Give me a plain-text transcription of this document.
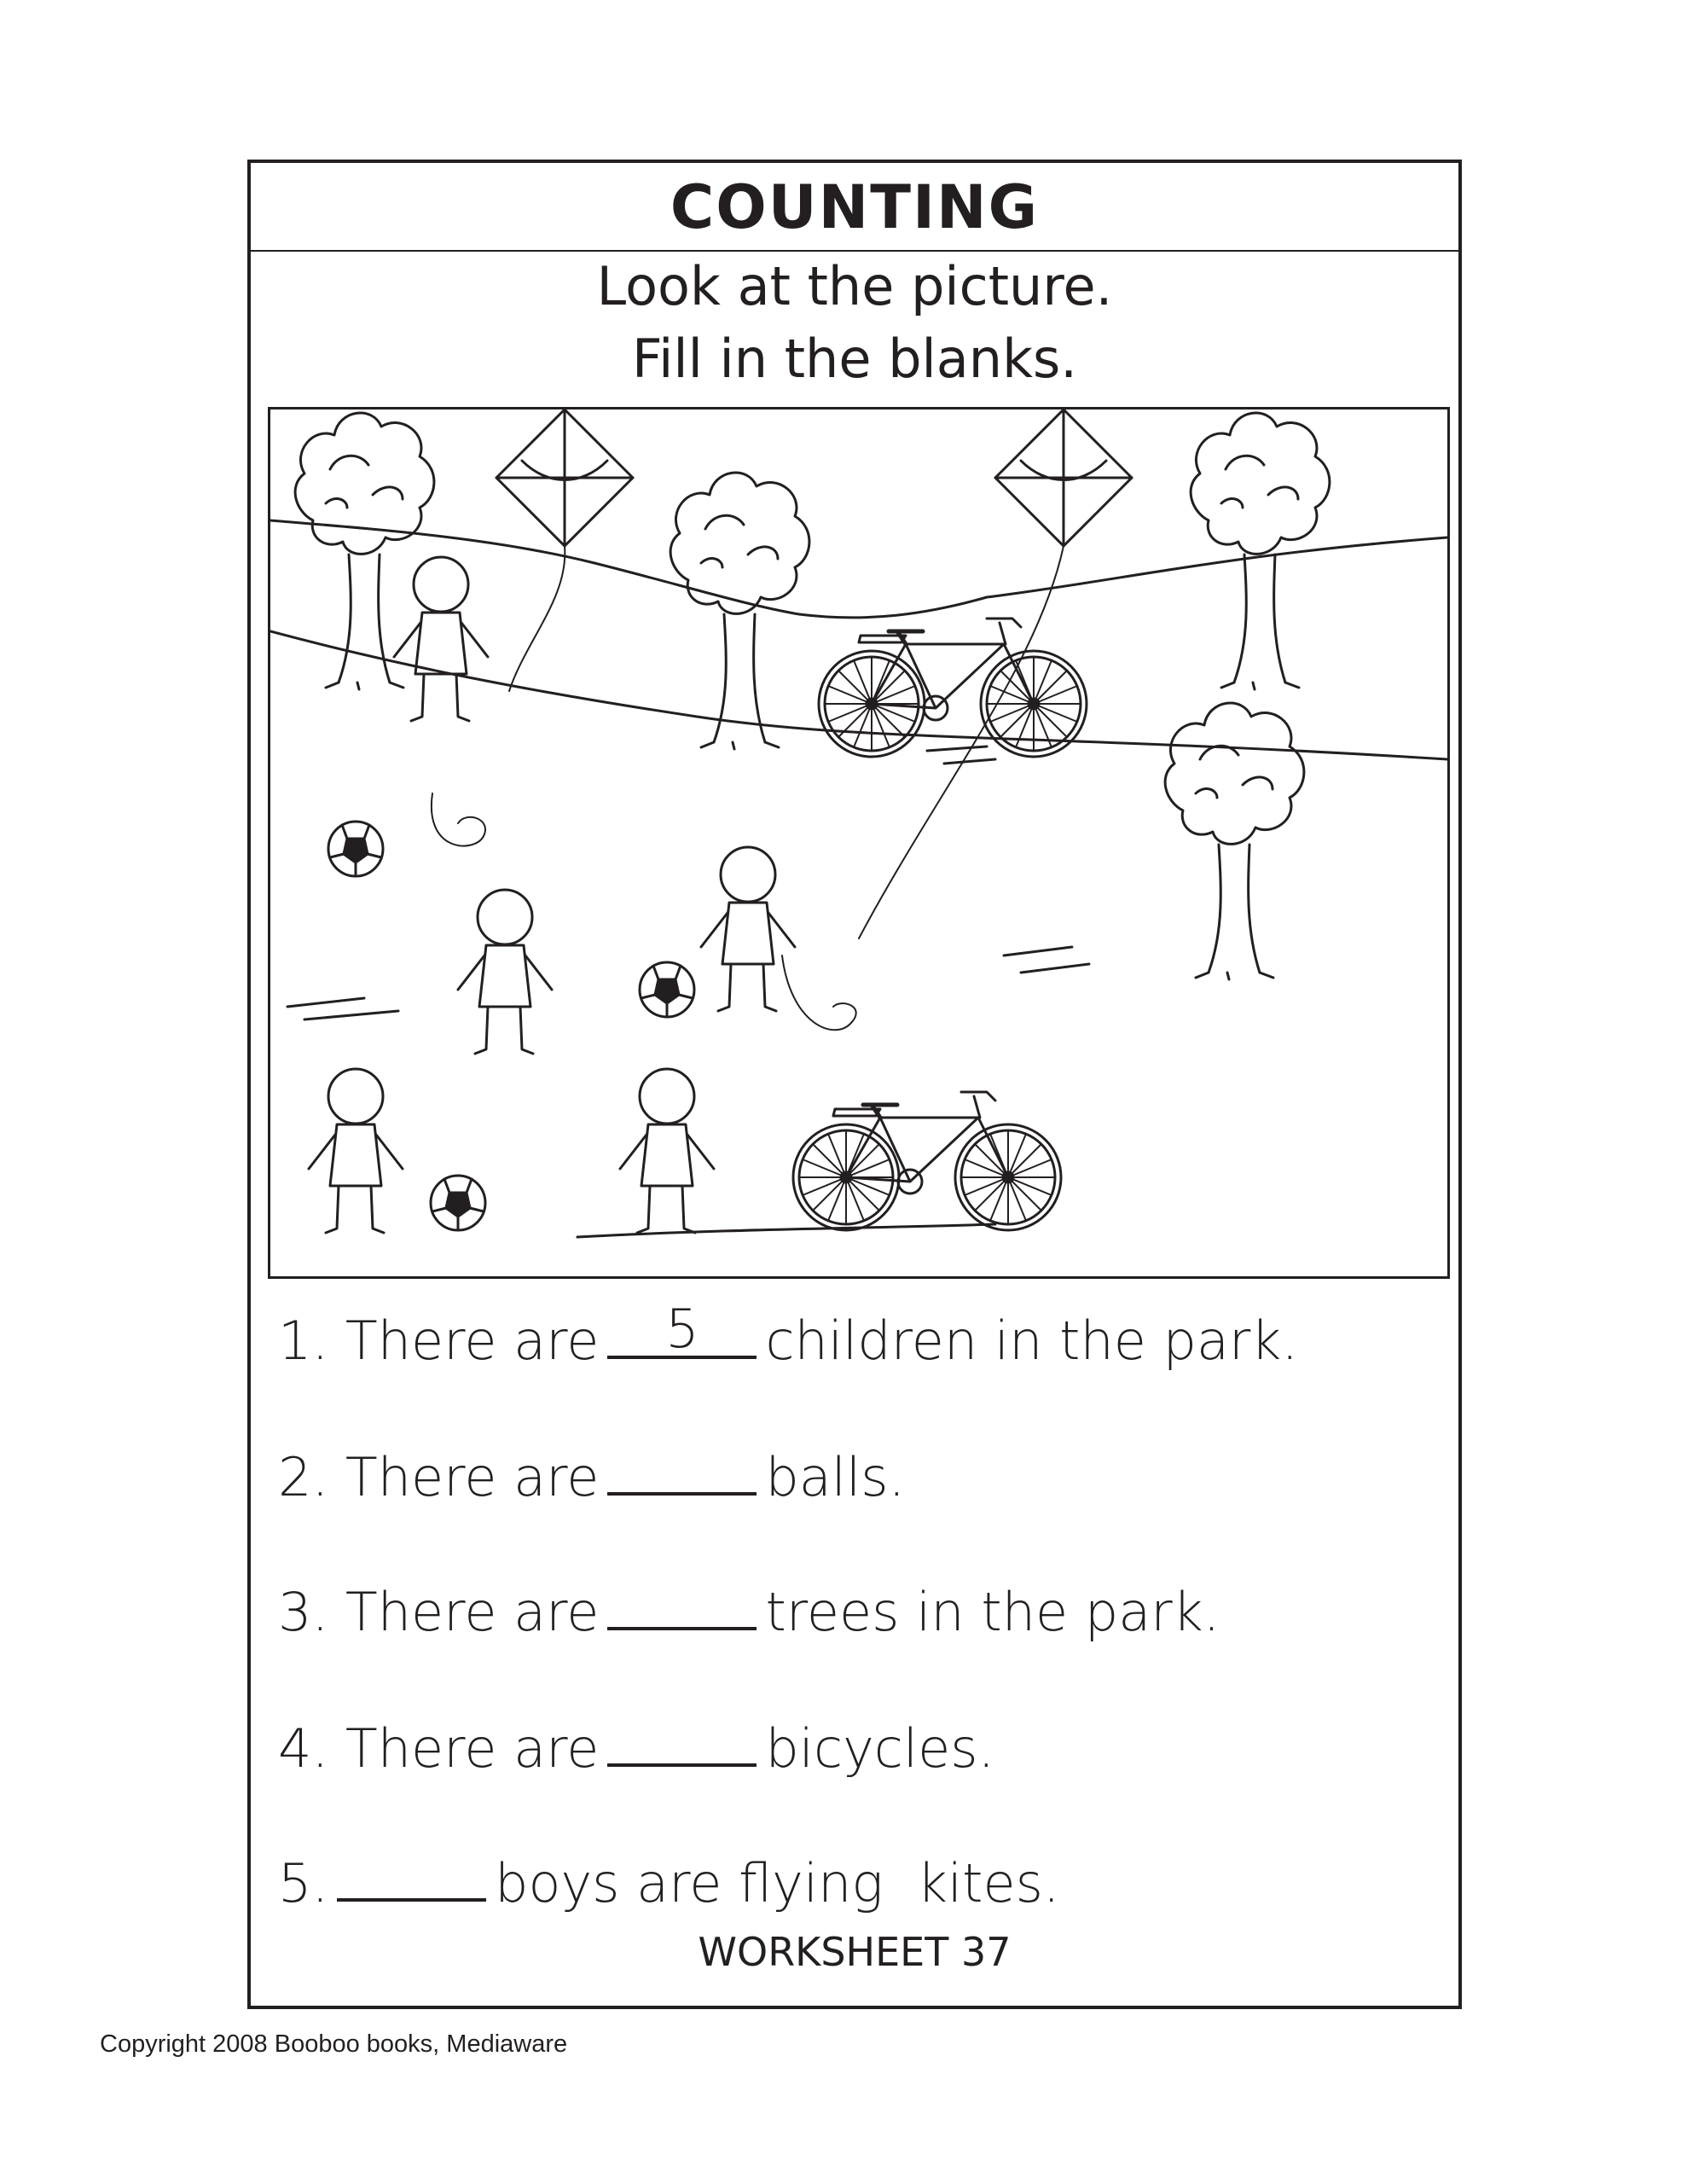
COUNTING
Look at the picture.
Fill in the blanks.
1. There are	5	children in the park.
2. There are	balls.
3. There are	trees in the park.
4. There are	bicycles.
5.	boys are flying  kites.
WORKSHEET 37
Copyright 2008 Booboo books, Mediaware
